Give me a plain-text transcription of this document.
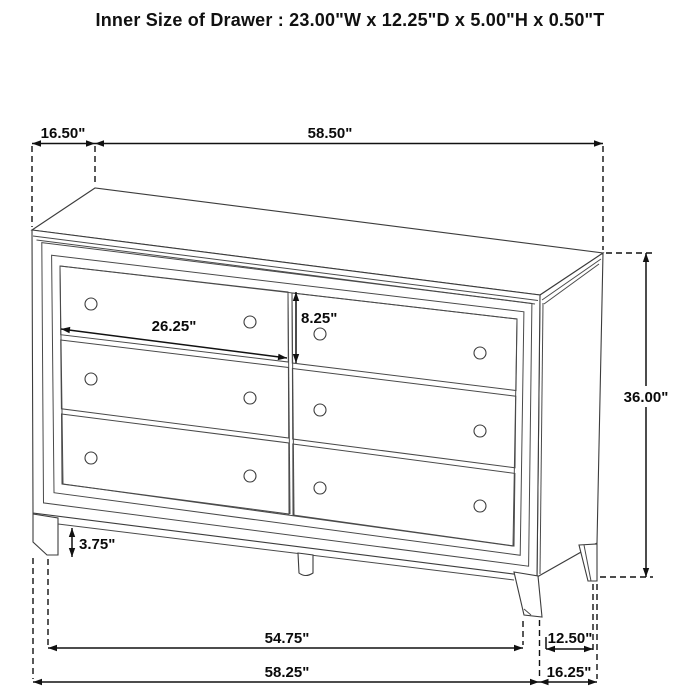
Inner Size of Drawer : 23.00"W x 12.25"D x 5.00"H x 0.50"T
16.50"	58.50"
26.25"	8.25"
36.00"
3.75"
54.75"	12.50"
58.25"	16.25"
